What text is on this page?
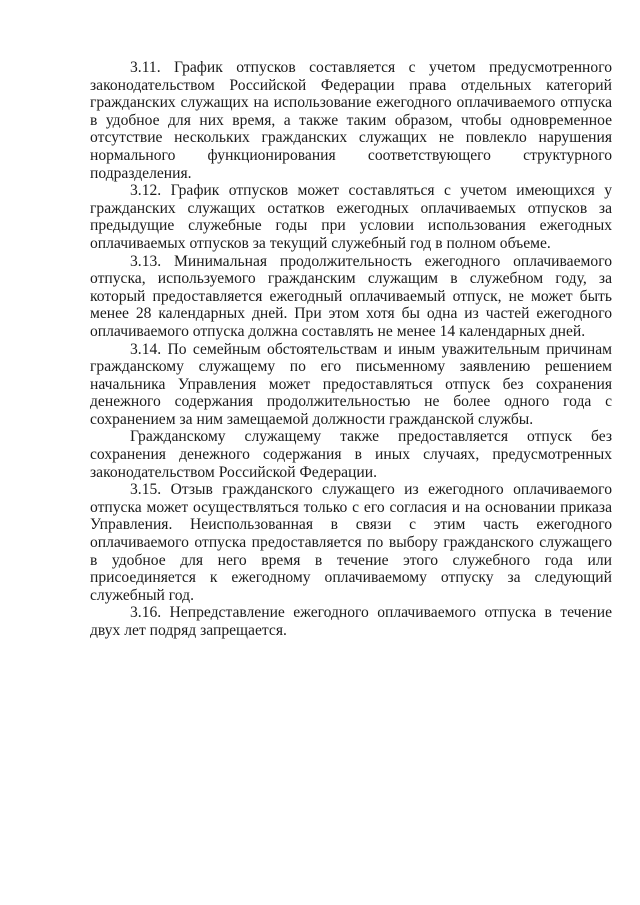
3.11. График отпусков составляется с учетом предусмотренного законодательством Российской Федерации права отдельных категорий гражданских служащих на использование ежегодного оплачиваемого отпуска в удобное для них время, а также таким образом, чтобы одновременное отсутствие нескольких гражданских служащих не повлекло нарушения нормального функционирования соответствующего структурного подразделения.

3.12. График отпусков может составляться с учетом имеющихся у гражданских служащих остатков ежегодных оплачиваемых отпусков за предыдущие служебные годы при условии использования ежегодных оплачиваемых отпусков за текущий служебный год в полном объеме.

3.13. Минимальная продолжительность ежегодного оплачиваемого отпуска, используемого гражданским служащим в служебном году, за который предоставляется ежегодный оплачиваемый отпуск, не может быть менее 28 календарных дней. При этом хотя бы одна из частей ежегодного оплачиваемого отпуска должна составлять не менее 14 календарных дней.

3.14. По семейным обстоятельствам и иным уважительным причинам гражданскому служащему по его письменному заявлению решением начальника Управления может предоставляться отпуск без сохранения денежного содержания продолжительностью не более одного года с сохранением за ним замещаемой должности гражданской службы.

Гражданскому служащему также предоставляется отпуск без сохранения денежного содержания в иных случаях, предусмотренных законодательством Российской Федерации.

3.15. Отзыв гражданского служащего из ежегодного оплачиваемого отпуска может осуществляться только с его согласия и на основании приказа Управления. Неиспользованная в связи с этим часть ежегодного оплачиваемого отпуска предоставляется по выбору гражданского служащего в удобное для него время в течение этого служебного года или присоединяется к ежегодному оплачиваемому отпуску за следующий служебный год.

3.16. Непредставление ежегодного оплачиваемого отпуска в течение двух лет подряд запрещается.
